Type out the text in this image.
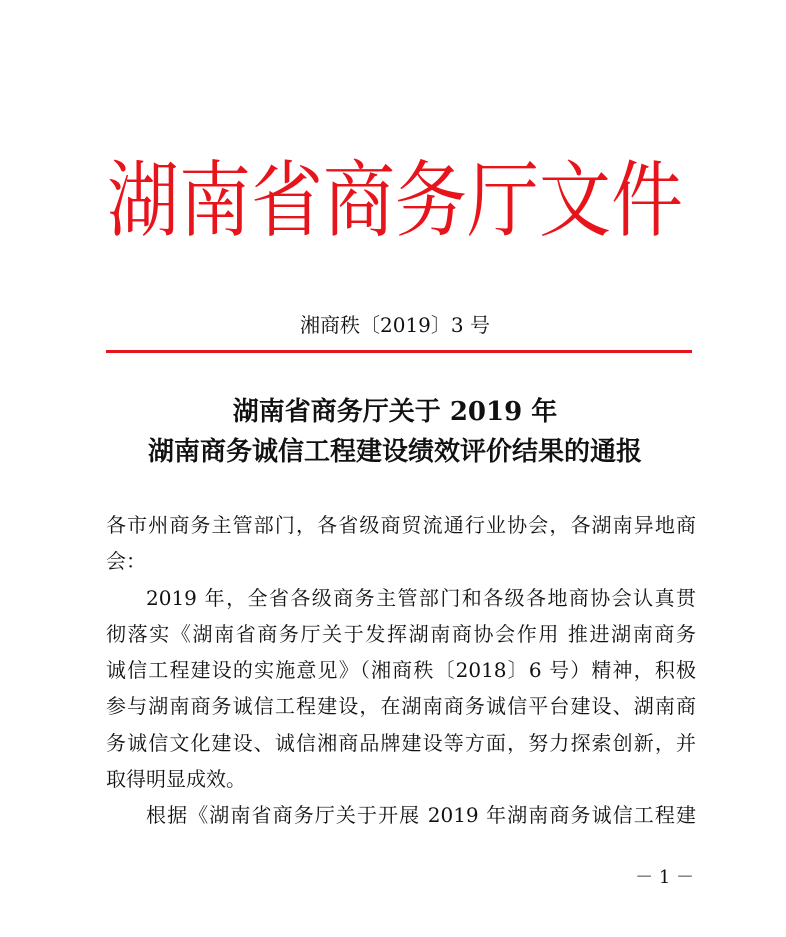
湖南省商务厅文件
湘商秩〔2019〕3 号
湖南省商务厅关于 2019 年
湖南商务诚信工程建设绩效评价结果的通报
各市州商务主管部门，各省级商贸流通行业协会，各湖南异地商
会：
2019 年，全省各级商务主管部门和各级各地商协会认真贯
彻落实《湖南省商务厅关于发挥湖南商协会作用 推进湖南商务
诚信工程建设的实施意见》（湘商秩〔2018〕6 号）精神，积极
参与湖南商务诚信工程建设，在湖南商务诚信平台建设、湖南商
务诚信文化建设、诚信湘商品牌建设等方面，努力探索创新，并
取得明显成效。
根据《湖南省商务厅关于开展 2019 年湖南商务诚信工程建
－ 1 －
